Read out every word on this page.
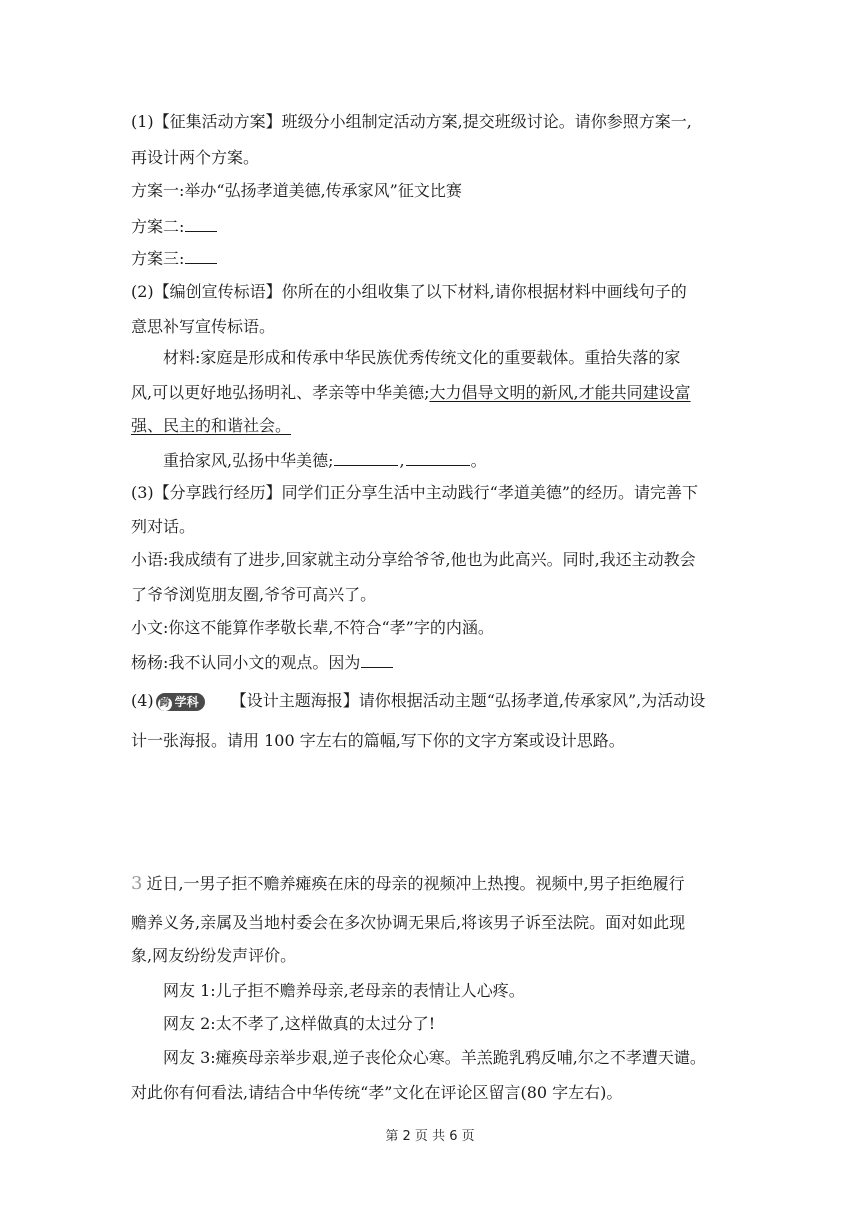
(1)【征集活动方案】班级分小组制定活动方案,提交班级讨论。请你参照方案一,
再设计两个方案。
方案一:举办“弘扬孝道美德,传承家风”征文比赛
方案二:
方案三:
(2)【编创宣传标语】你所在的小组收集了以下材料,请你根据材料中画线句子的
意思补写宣传标语。
材料:家庭是形成和传承中华民族优秀传统文化的重要载体。重拾失落的家
风,可以更好地弘扬明礼、孝亲等中华美德;大力倡导文明的新风,才能共同建设富
强、民主的和谐社会。
重拾家风,弘扬中华美德;	,	。
(3)【分享践行经历】同学们正分享生活中主动践行“孝道美德”的经历。请完善下
列对话。
小语:我成绩有了进步,回家就主动分享给爷爷,他也为此高兴。同时,我还主动教会
了爷爷浏览朋友圈,爷爷可高兴了。
小文:你这不能算作孝敬长辈,不符合“孝”字的内涵。
杨杨:我不认同小文的观点。因为
(4) 跨 学科 【设计主题海报】请你根据活动主题“弘扬孝道,传承家风”,为活动设
计一张海报。请用 100 字左右的篇幅,写下你的文字方案或设计思路。
3 近日,一男子拒不赡养瘫痪在床的母亲的视频冲上热搜。视频中,男子拒绝履行
赡养义务,亲属及当地村委会在多次协调无果后,将该男子诉至法院。面对如此现
象,网友纷纷发声评价。
网友 1:儿子拒不赡养母亲,老母亲的表情让人心疼。
网友 2:太不孝了,这样做真的太过分了!
网友 3:瘫痪母亲举步艰,逆子丧伦众心寒。羊羔跪乳鸦反哺,尔之不孝遭天谴。
对此你有何看法,请结合中华传统“孝”文化在评论区留言(80 字左右)。
第 2 页 共 6 页
